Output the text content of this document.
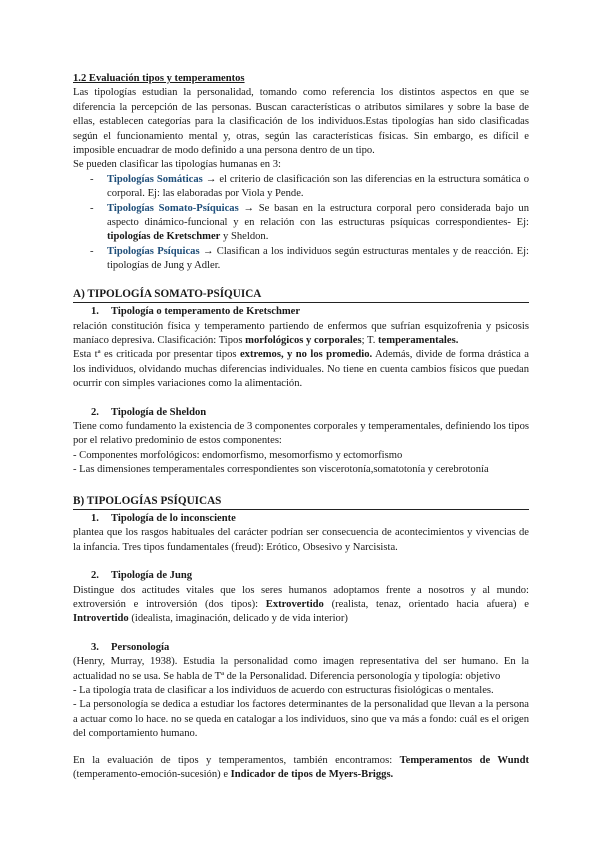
1.2 Evaluación tipos y temperamentos

Las tipologías estudian la personalidad, tomando como referencia los distintos aspectos en que se diferencia la percepción de las personas. Buscan características o atributos similares y sobre la base de ellas, establecen categorías para la clasificación de los individuos.Estas tipologías han sido clasificadas según el funcionamiento mental y, otras, según las características físicas. Sin embargo, es difícil e imposible encuadrar de modo definido a una persona dentro de un tipo.

Se pueden clasificar las tipologías humanas en 3:

- Tipologías Somáticas → el criterio de clasificación son las diferencias en la estructura somática o corporal. Ej: las elaboradas por Viola y Pende.
- Tipologías Somato-Psíquicas → Se basan en la estructura corporal pero considerada bajo un aspecto dinámico-funcional y en relación con las estructuras psíquicas correspondientes- Ej: tipologías de Kretschmer y Sheldon.
- Tipologías Psíquicas → Clasifican a los individuos según estructuras mentales y de reacción. Ej: tipologías de Jung y Adler.
A) TIPOLOGÍA SOMATO-PSÍQUICA

1. Tipología o temperamento de Kretschmer

relación constitución física y temperamento partiendo de enfermos que sufrían esquizofrenia y psicosis maníaco depresiva. Clasificación: Tipos morfológicos y corporales; T. temperamentales.

Esta tª es criticada por presentar tipos extremos, y no los promedio. Además, divide de forma drástica a los individuos, olvidando muchas diferencias individuales. No tiene en cuenta cambios físicos que puedan ocurrir con simples variaciones como la alimentación.

2. Tipología de Sheldon

Tiene como fundamento la existencia de 3 componentes corporales y temperamentales, definiendo los tipos por el relativo predominio de estos componentes:

- Componentes morfológicos: endomorfismo, mesomorfismo y ectomorfismo

- Las dimensiones temperamentales correspondientes son viscerotonía,somatotonía y cerebrotonía

B) TIPOLOGÍAS PSÍQUICAS

1. Tipología de lo inconsciente

plantea que los rasgos habituales del carácter podrían ser consecuencia de acontecimientos y vivencias de la infancia. Tres tipos fundamentales (freud): Erótico, Obsesivo y Narcisista.

2. Tipología de Jung

Distingue dos actitudes vitales que los seres humanos adoptamos frente a nosotros y al mundo: extroversión e introversión (dos tipos): Extrovertido (realista, tenaz, orientado hacia afuera) e Introvertido (idealista, imaginación, delicado y de vida interior)

3. Personología

(Henry, Murray, 1938). Estudia la personalidad como imagen representativa del ser humano. En la actualidad no se usa. Se habla de Tª de la Personalidad. Diferencia personología y tipología: objetivo

- La tipología trata de clasificar a los individuos de acuerdo con estructuras fisiológicas o mentales.

- La personología se dedica a estudiar los factores determinantes de la personalidad que llevan a la persona a actuar como lo hace. no se queda en catalogar a los individuos, sino que va más a fondo: cuál es el origen del comportamiento humano.

En la evaluación de tipos y temperamentos, también encontramos: Temperamentos de Wundt (temperamento-emoción-sucesión) e Indicador de tipos de Myers-Briggs.
